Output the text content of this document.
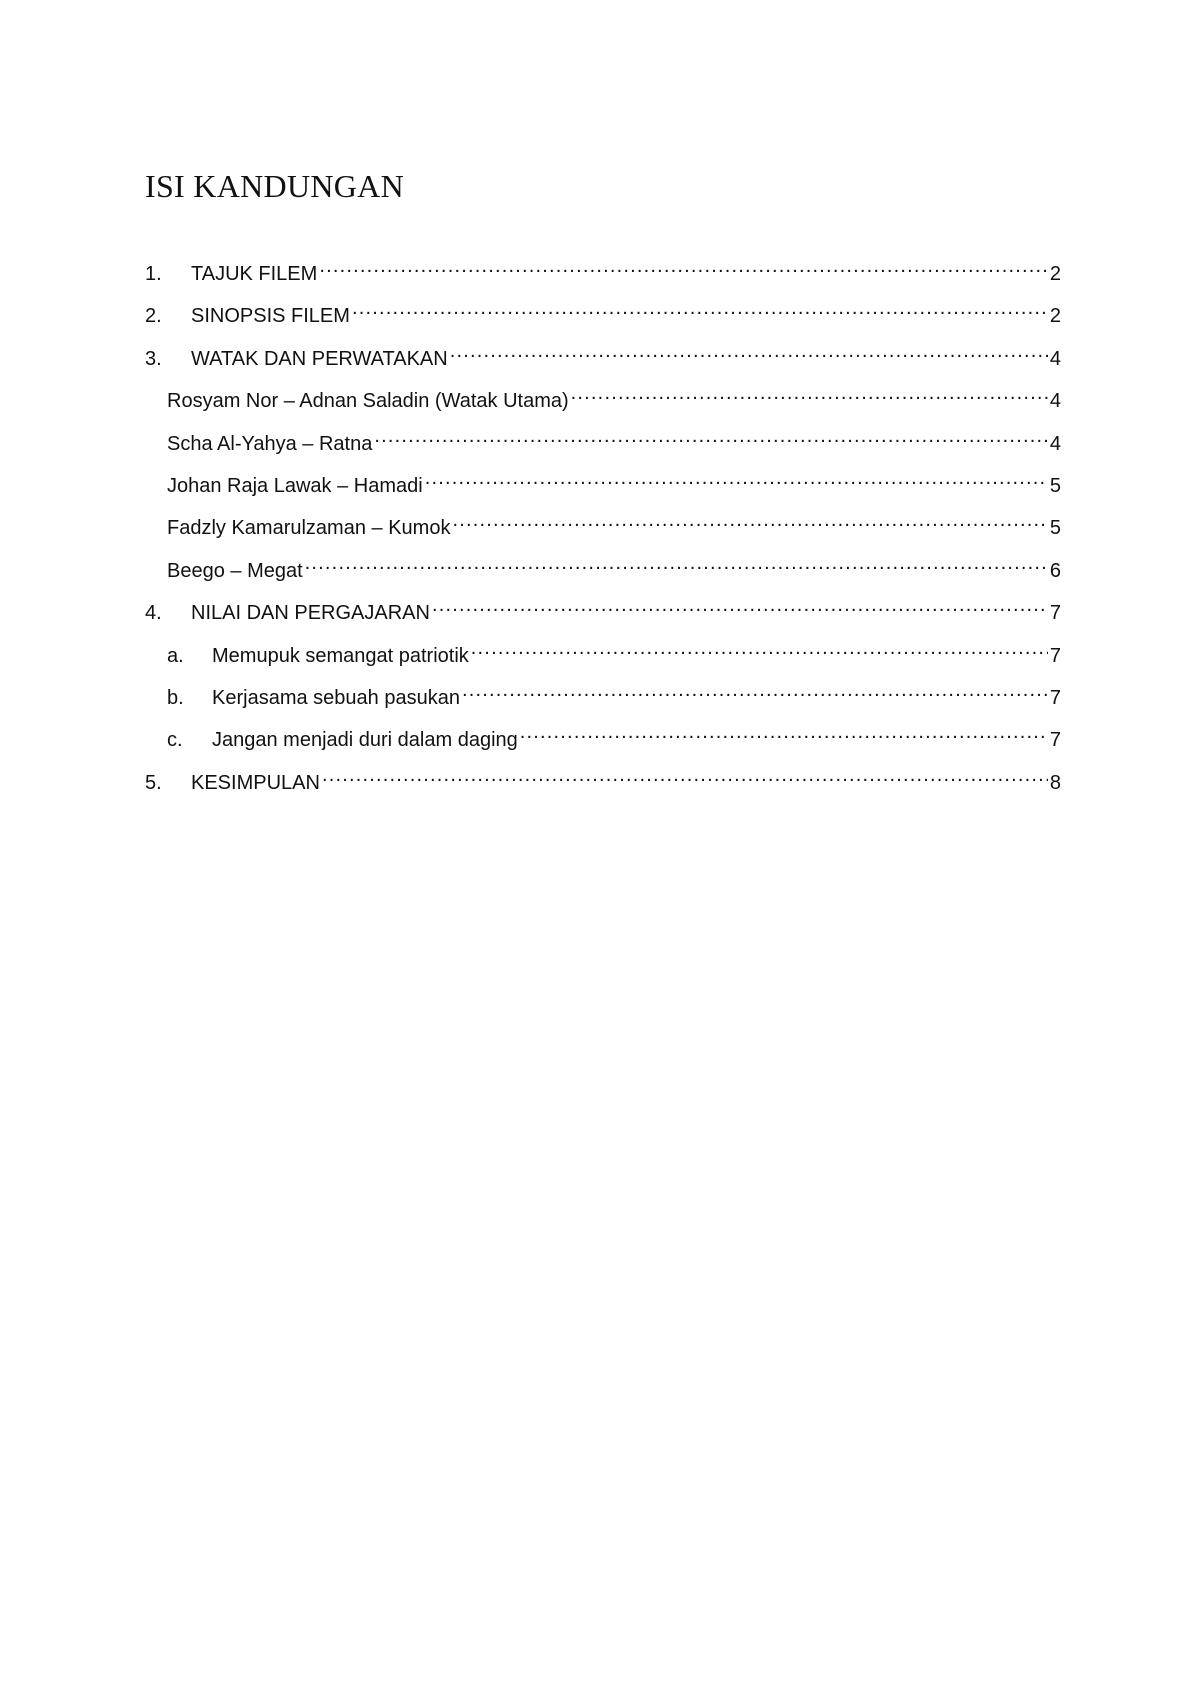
ISI KANDUNGAN
1.	TAJUK FILEM .....	2
2.	SINOPSIS FILEM .....	2
3.	WATAK DAN PERWATAKAN .....	4
Rosyam Nor – Adnan Saladin (Watak Utama) .....	4
Scha Al-Yahya – Ratna .....	4
Johan Raja Lawak – Hamadi .....	5
Fadzly Kamarulzaman – Kumok .....	5
Beego – Megat .....	6
4.	NILAI DAN PERGAJARAN .....	7
a.	Memupuk semangat patriotik .....	7
b.	Kerjasama sebuah pasukan .....	7
c.	Jangan menjadi duri dalam daging .....	7
5.	KESIMPULAN .....	8
